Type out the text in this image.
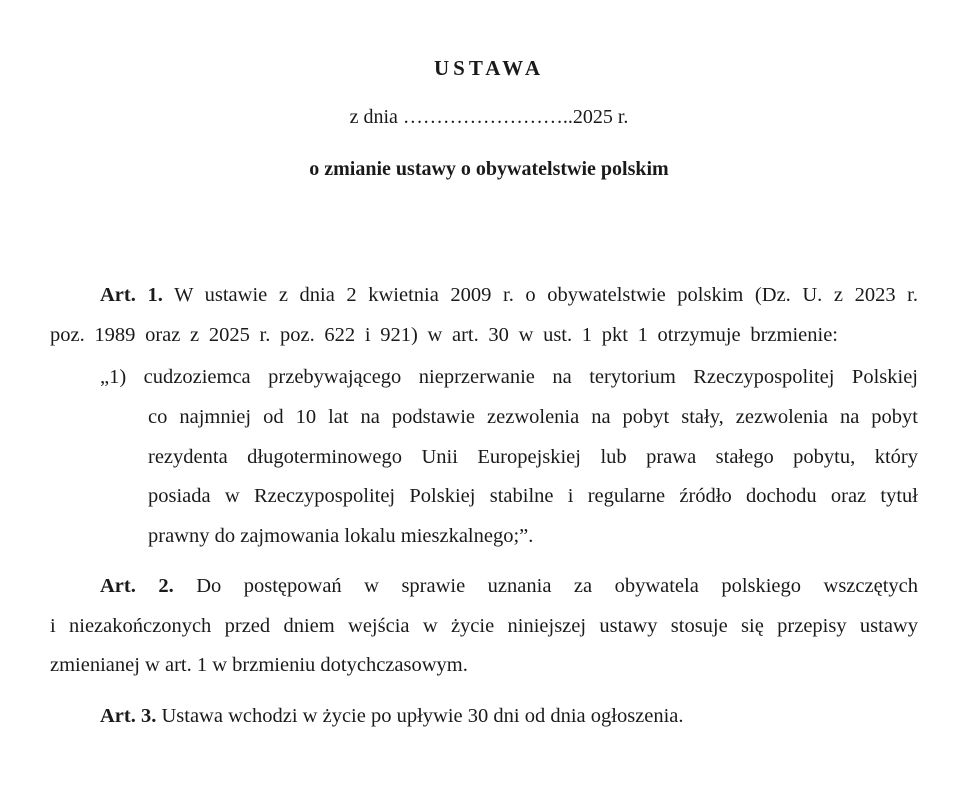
USTAWA
z dnia ……………………..2025 r.
o zmianie ustawy o obywatelstwie polskim
Art. 1. W ustawie z dnia 2 kwietnia 2009 r. o obywatelstwie polskim (Dz. U. z 2023 r.
poz. 1989 oraz z 2025 r. poz. 622 i 921) w art. 30 w ust. 1 pkt 1 otrzymuje brzmienie:
„1) cudzoziemca przebywającego nieprzerwanie na terytorium Rzeczypospolitej Polskiej
co najmniej od 10 lat na podstawie zezwolenia na pobyt stały, zezwolenia na pobyt
rezydenta długoterminowego Unii Europejskiej lub prawa stałego pobytu, który
posiada w Rzeczypospolitej Polskiej stabilne i regularne źródło dochodu oraz tytuł
prawny do zajmowania lokalu mieszkalnego;”.
Art. 2. Do postępowań w sprawie uznania za obywatela polskiego wszczętych
i niezakończonych przed dniem wejścia w życie niniejszej ustawy stosuje się przepisy ustawy
zmienianej w art. 1 w brzmieniu dotychczasowym.
Art. 3. Ustawa wchodzi w życie po upływie 30 dni od dnia ogłoszenia.
